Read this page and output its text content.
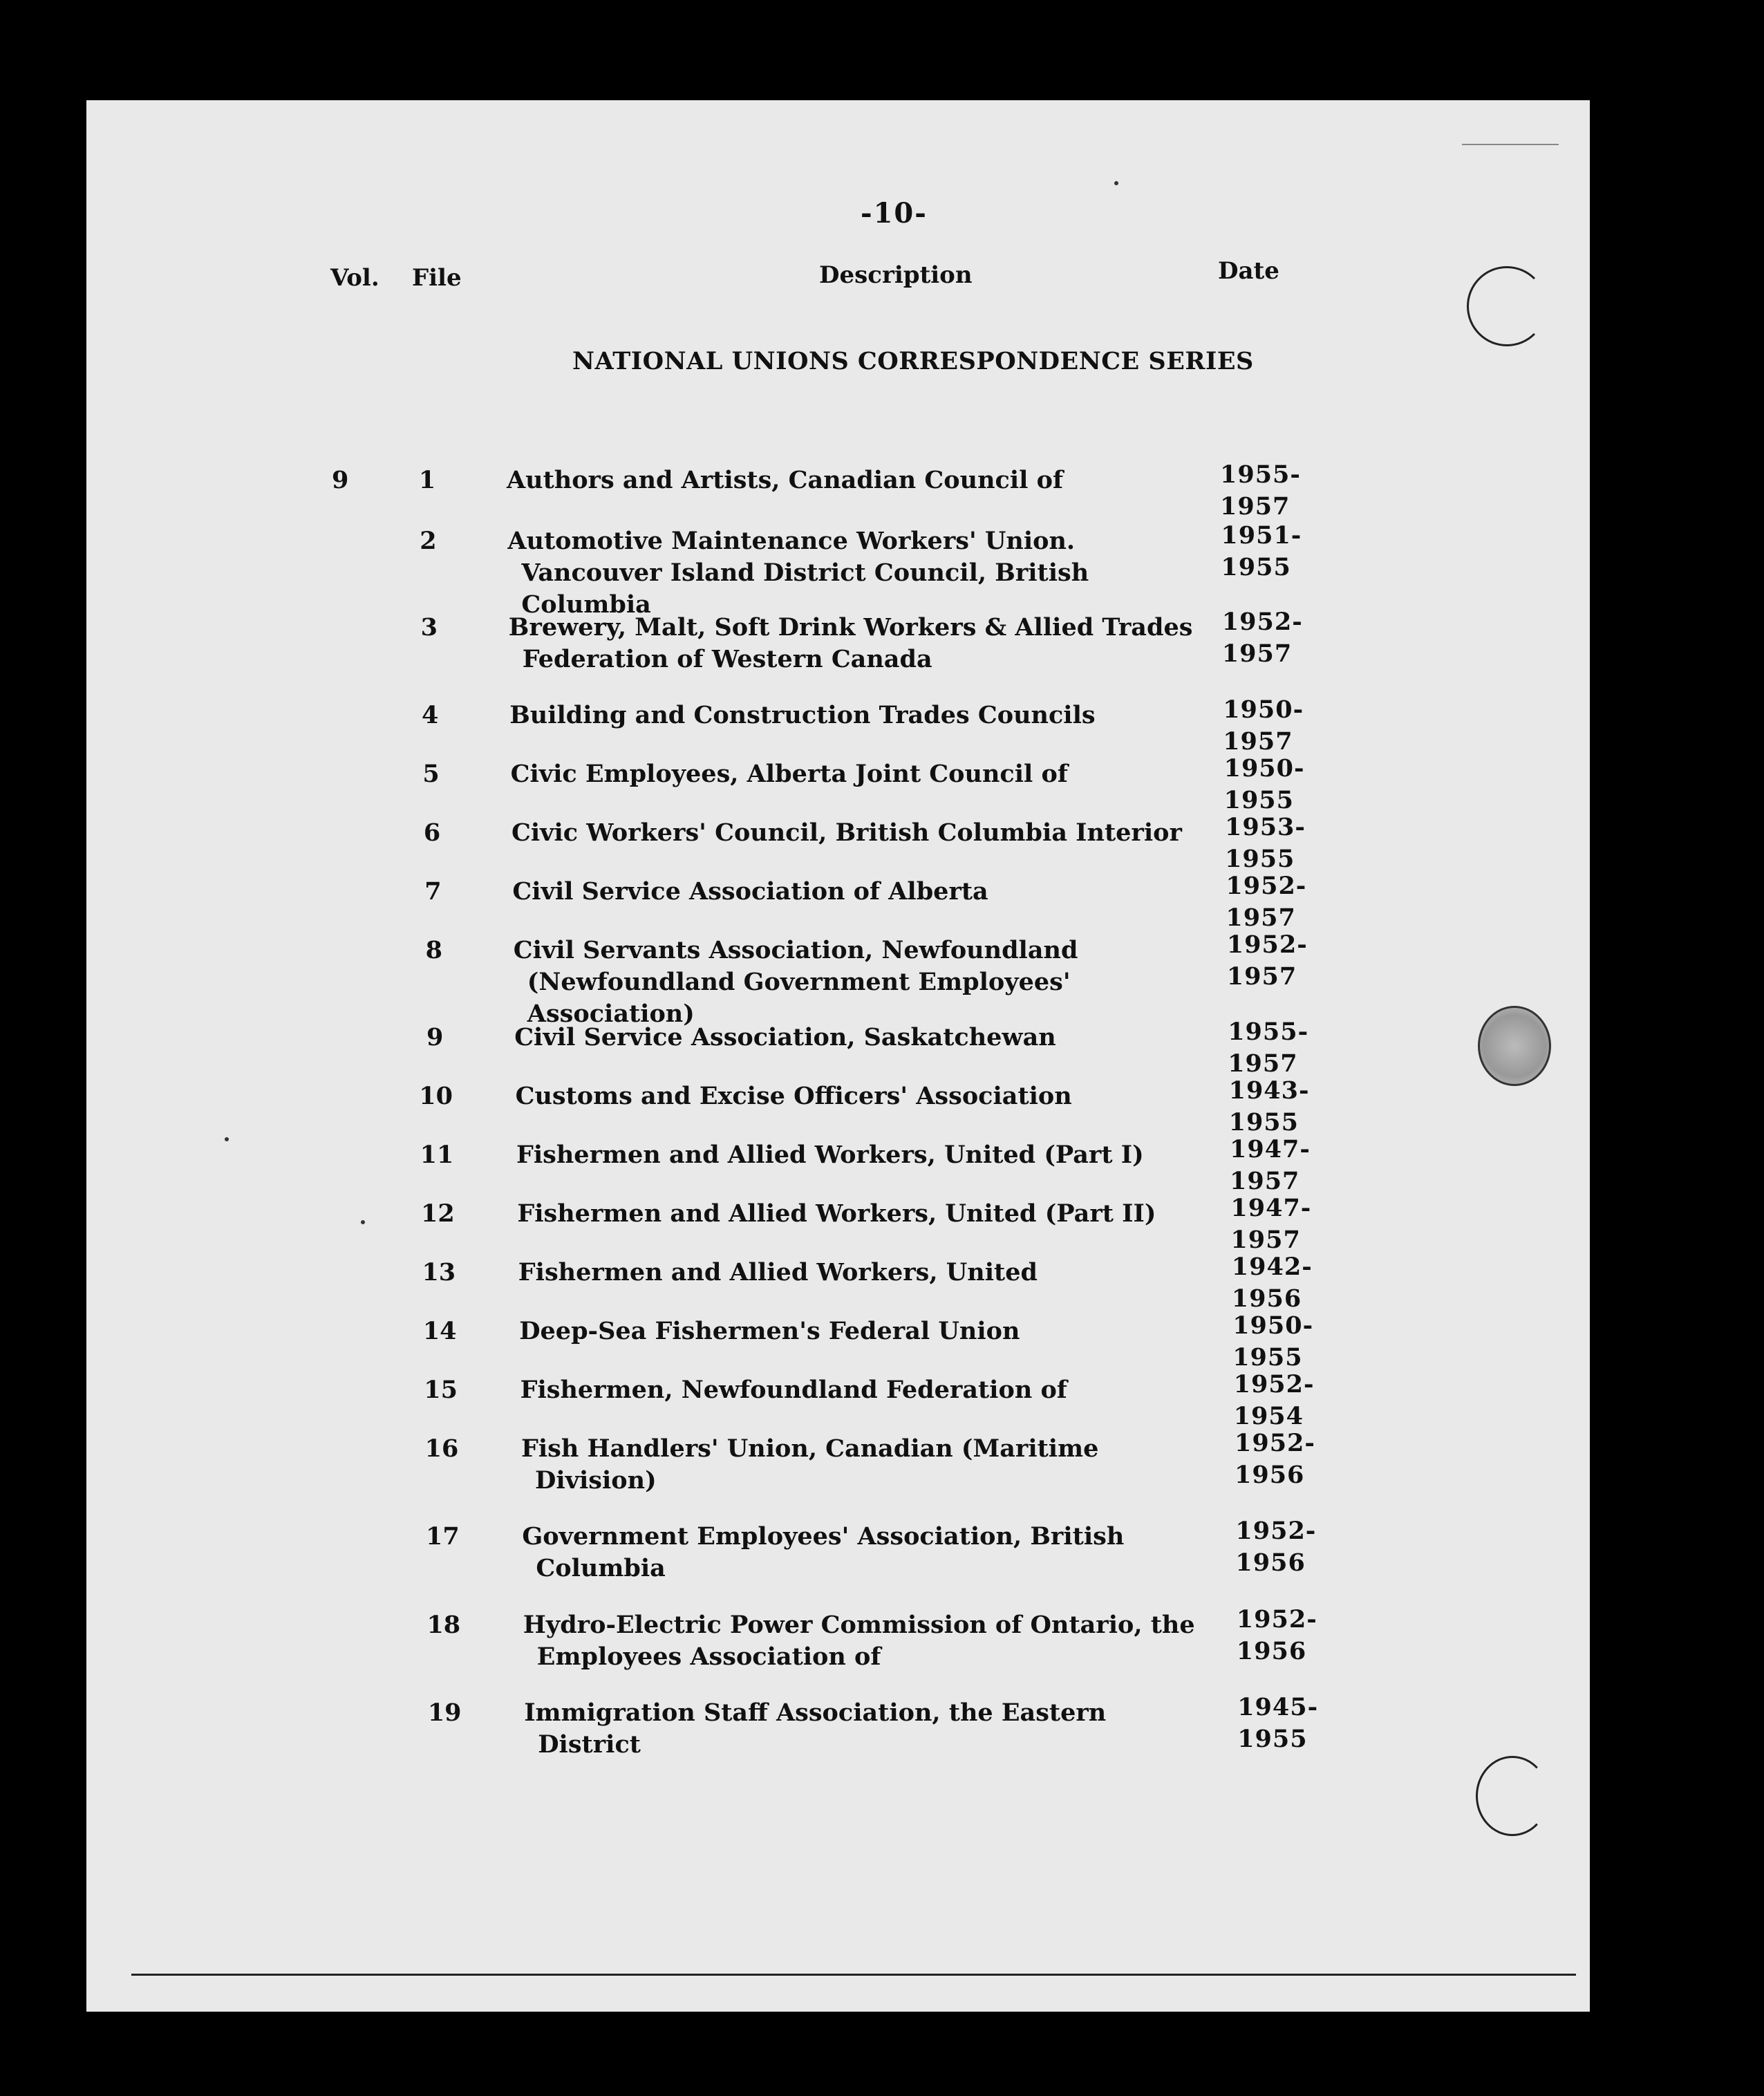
-10-
Vol. File	Description	Date
NATIONAL UNIONS CORRESPONDENCE SERIES
9	1	Authors and Artists, Canadian Council of	1955-1957
2	Automotive Maintenance Workers' Union.
Vancouver Island District Council, British Columbia
1951-1955
3	Brewery, Malt, Soft Drink Workers & Allied Trades
Federation of Western Canada
1952-1957
4	Building and Construction Trades Councils	1950-1957
5	Civic Employees, Alberta Joint Council of	1950-1955
6	Civic Workers' Council, British Columbia Interior	1953-1955
7	Civil Service Association of Alberta	1952-1957
8	Civil Servants Association, Newfoundland
(Newfoundland Government Employees' Association)
1952-1957
9	Civil Service Association, Saskatchewan	1955-1957
10	Customs and Excise Officers' Association	1943-1955
11	Fishermen and Allied Workers, United (Part I)	1947-1957
12	Fishermen and Allied Workers, United (Part II)	1947-1957
13	Fishermen and Allied Workers, United	1942-1956
14	Deep-Sea Fishermen's Federal Union	1950-1955
15	Fishermen, Newfoundland Federation of	1952-1954
16	Fish Handlers' Union, Canadian (Maritime
Division)
1952-1956
17	Government Employees' Association, British
Columbia
1952-1956
18	Hydro-Electric Power Commission of Ontario, the
Employees Association of
1952-1956
19	Immigration Staff Association, the Eastern
District
1945-1955
